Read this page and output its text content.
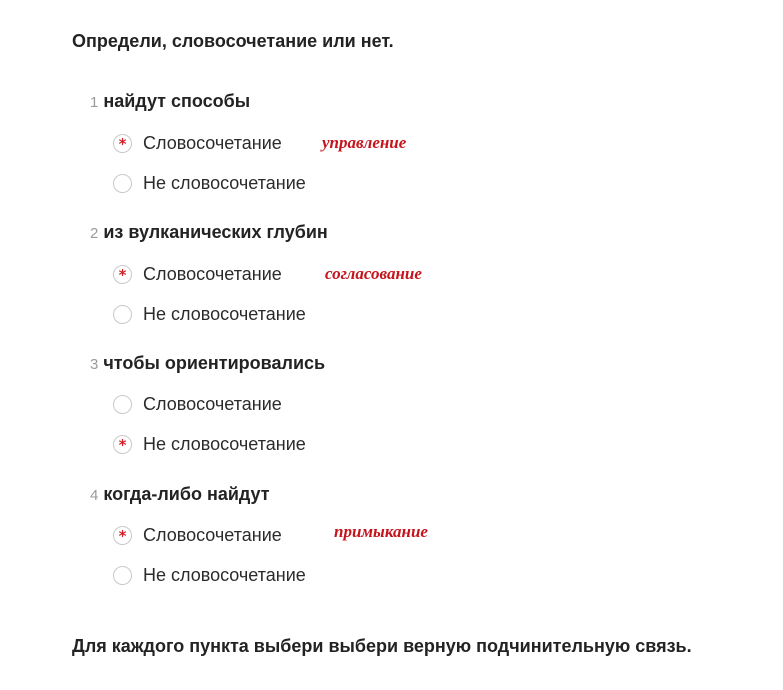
Определи, словосочетание или нет.
1 найдут способы
*
Словосочетание
Не словосочетание
управление
2 из вулканических глубин
*
Словосочетание
Не словосочетание
согласование
3 чтобы ориентировались
Словосочетание
*
Не словосочетание
4 когда-либо найдут
*
Словосочетание
Не словосочетание
примыкание
Для каждого пункта выбери выбери верную подчинительную связь.
